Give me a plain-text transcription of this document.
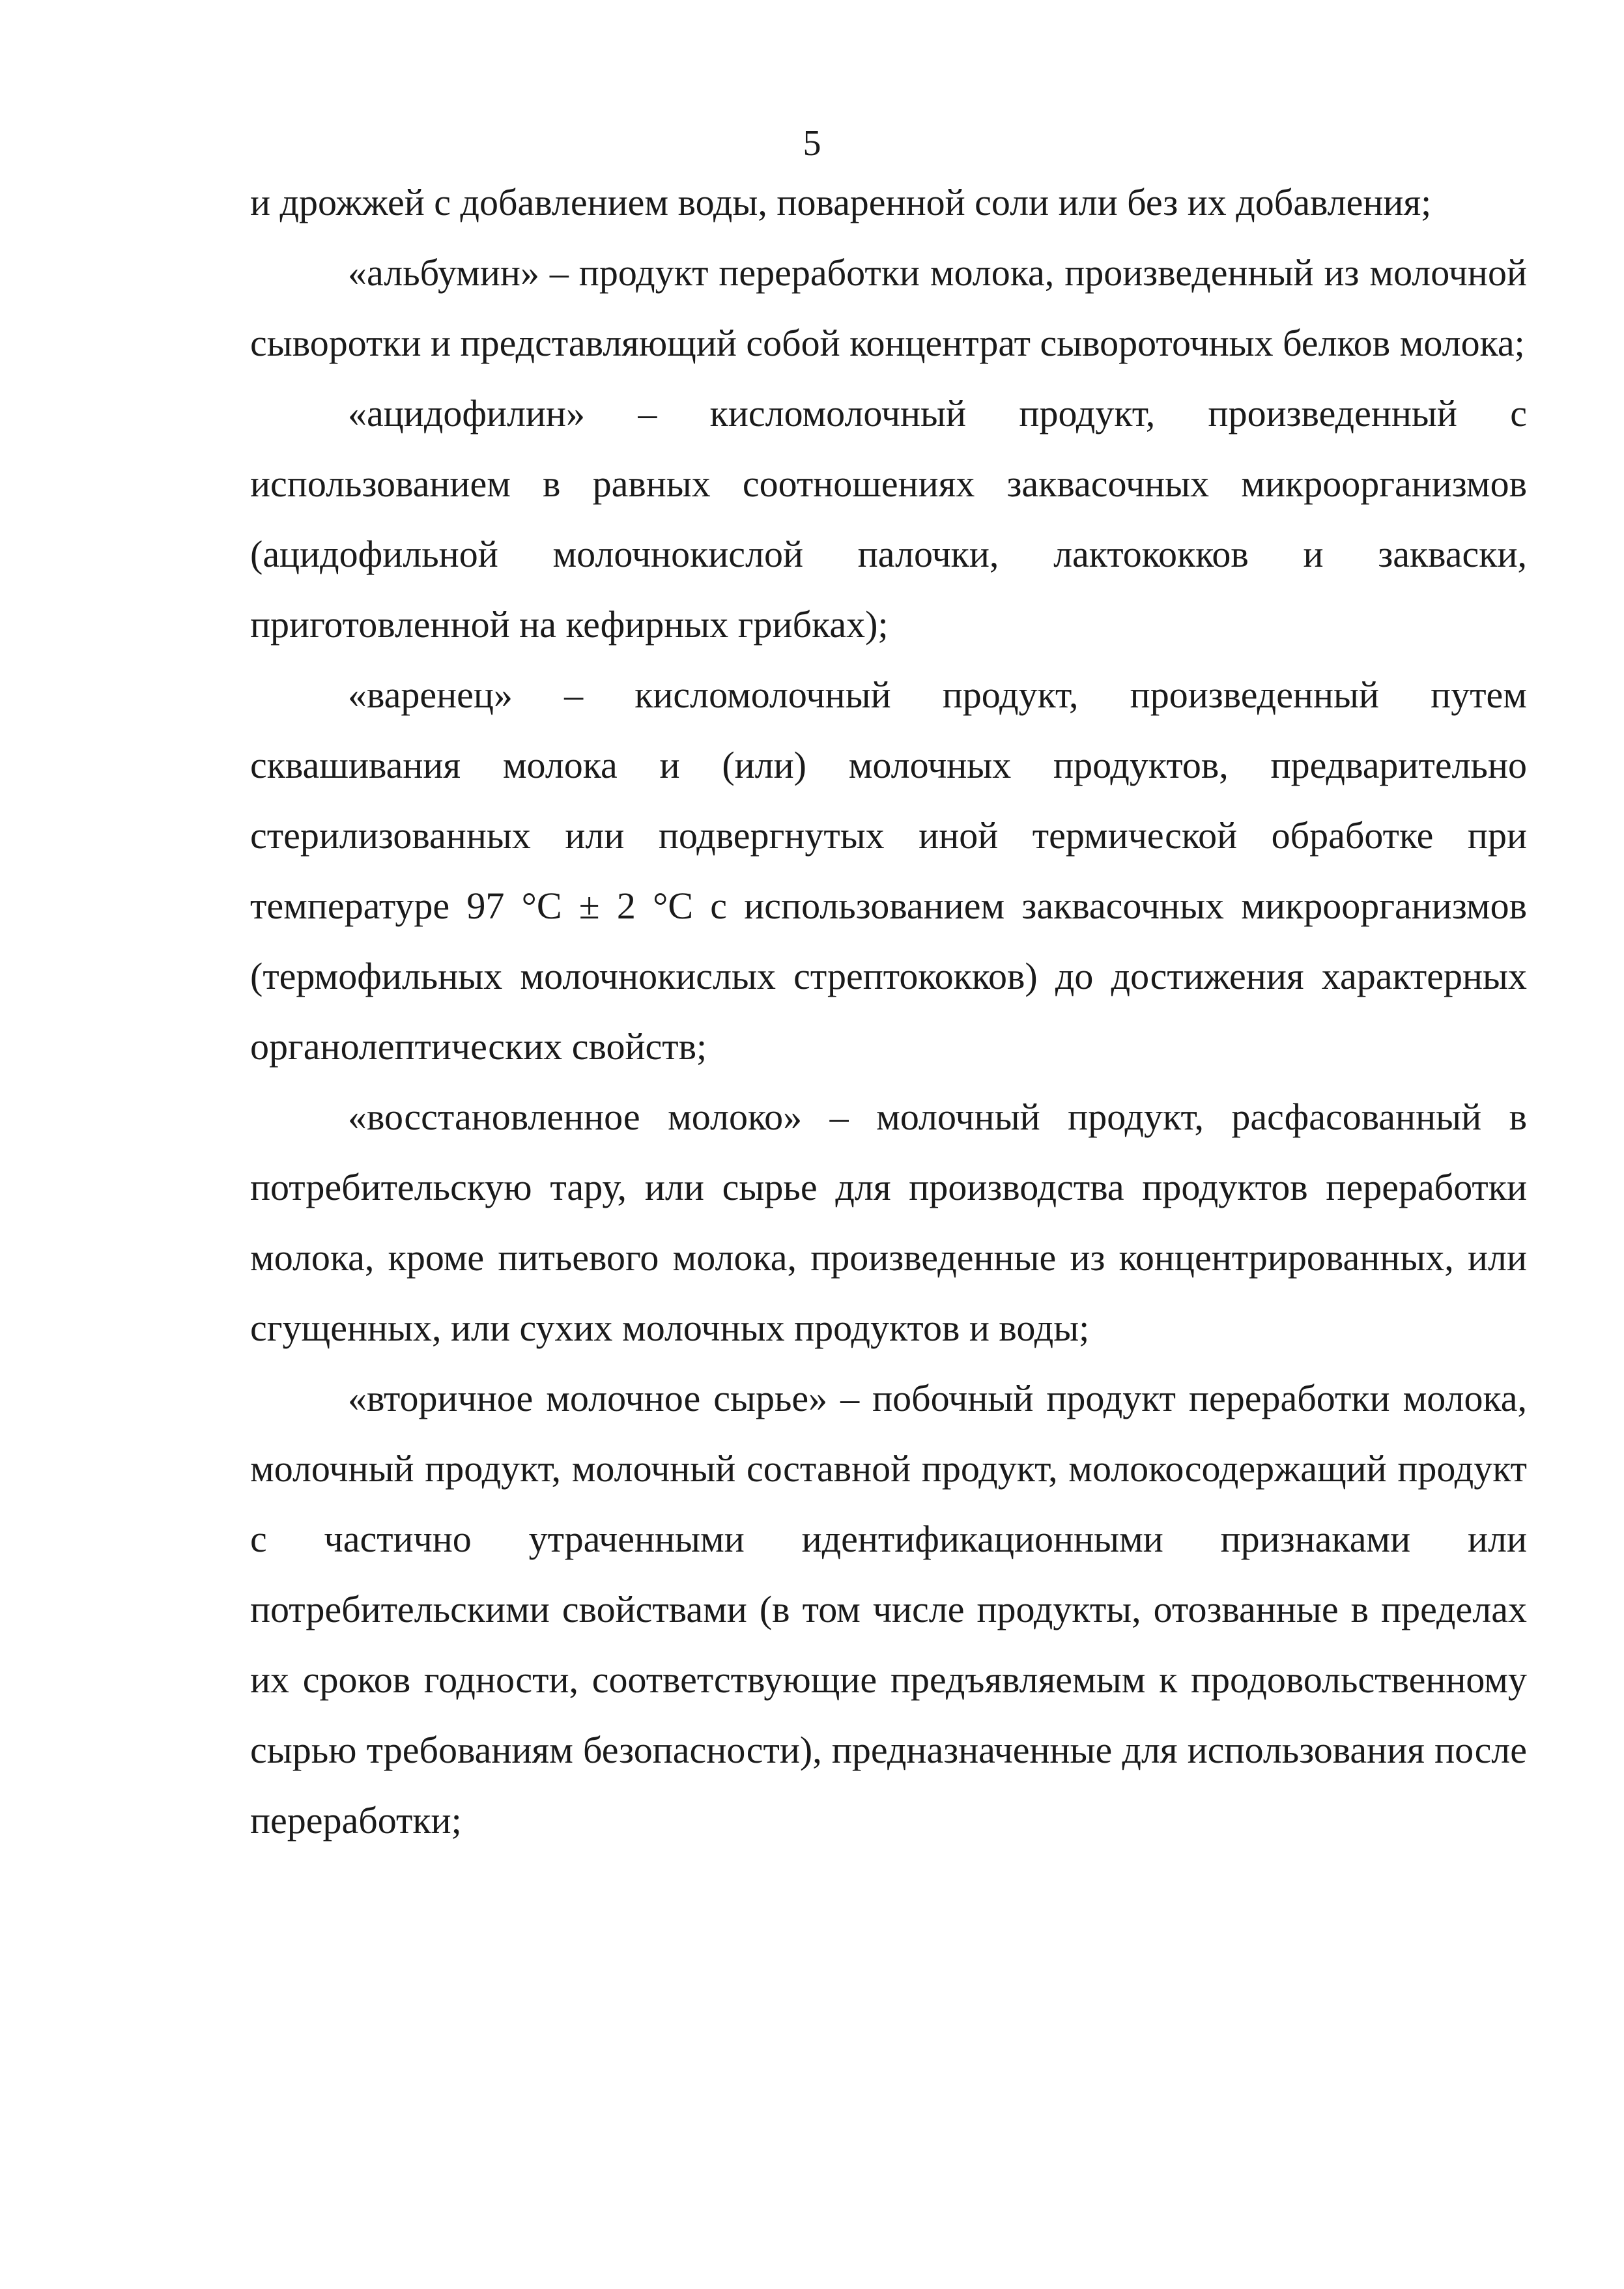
5

и дрожжей с добавлением воды, поваренной соли или без их добавления;

«альбумин» – продукт переработки молока, произведенный из молочной сыворотки и представляющий собой концентрат сывороточных белков молока;

«ацидофилин» – кисломолочный продукт, произведенный с использованием в равных соотношениях заквасочных микроорганизмов (ацидофильной молочнокислой палочки, лактококков и закваски, приготовленной на кефирных грибках);

«варенец» – кисломолочный продукт, произведенный путем сквашивания молока и (или) молочных продуктов, предварительно стерилизованных или подвергнутых иной термической обработке при температуре 97 °С ± 2 °С с использованием заквасочных микроорганизмов (термофильных молочнокислых стрептококков) до достижения характерных органолептических свойств;

«восстановленное молоко» – молочный продукт, расфасованный в потребительскую тару, или сырье для производства продуктов переработки молока, кроме питьевого молока, произведенные из концентрированных, или сгущенных, или сухих молочных продуктов и воды;

«вторичное молочное сырье» – побочный продукт переработки молока, молочный продукт, молочный составной продукт, молокосодержащий продукт с частично утраченными идентификационными признаками или потребительскими свойствами (в том числе продукты, отозванные в пределах их сроков годности, соответствующие предъявляемым к продовольственному сырью требованиям безопасности), предназначенные для использования после переработки;
